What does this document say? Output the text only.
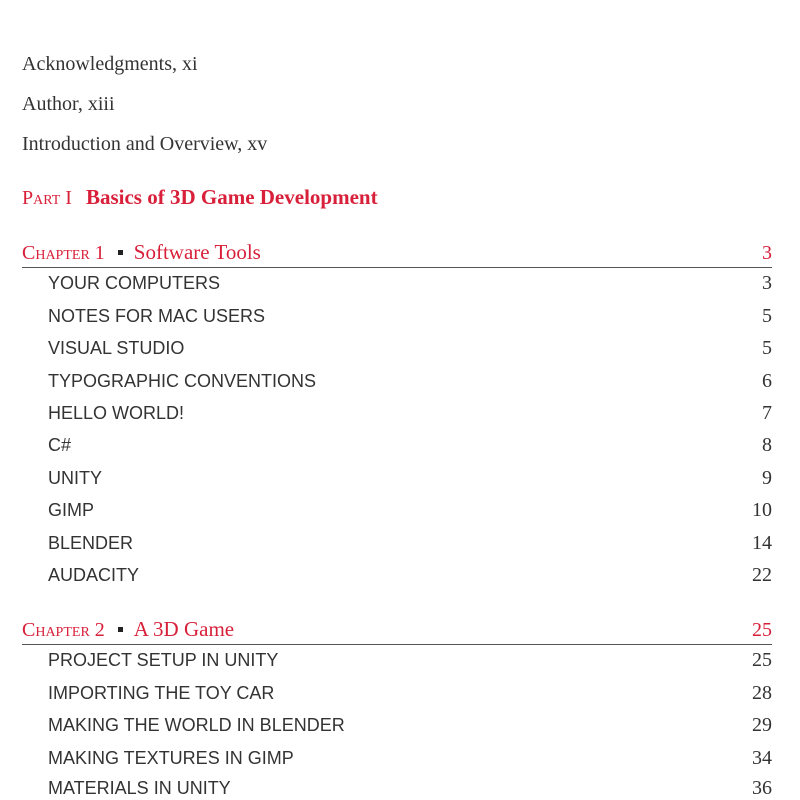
Acknowledgments, xi
Author, xiii
Introduction and Overview, xv
Part I Basics of 3D Game Development
Chapter 1 Software Tools	3
YOUR COMPUTERS	3
NOTES FOR MAC USERS	5
VISUAL STUDIO	5
TYPOGRAPHIC CONVENTIONS	6
HELLO WORLD!	7
C#	8
UNITY	9
GIMP	10
BLENDER	14
AUDACITY	22
Chapter 2 A 3D Game	25
PROJECT SETUP IN UNITY	25
IMPORTING THE TOY CAR	28
MAKING THE WORLD IN BLENDER	29
MAKING TEXTURES IN GIMP	34
MATERIALS IN UNITY	36
